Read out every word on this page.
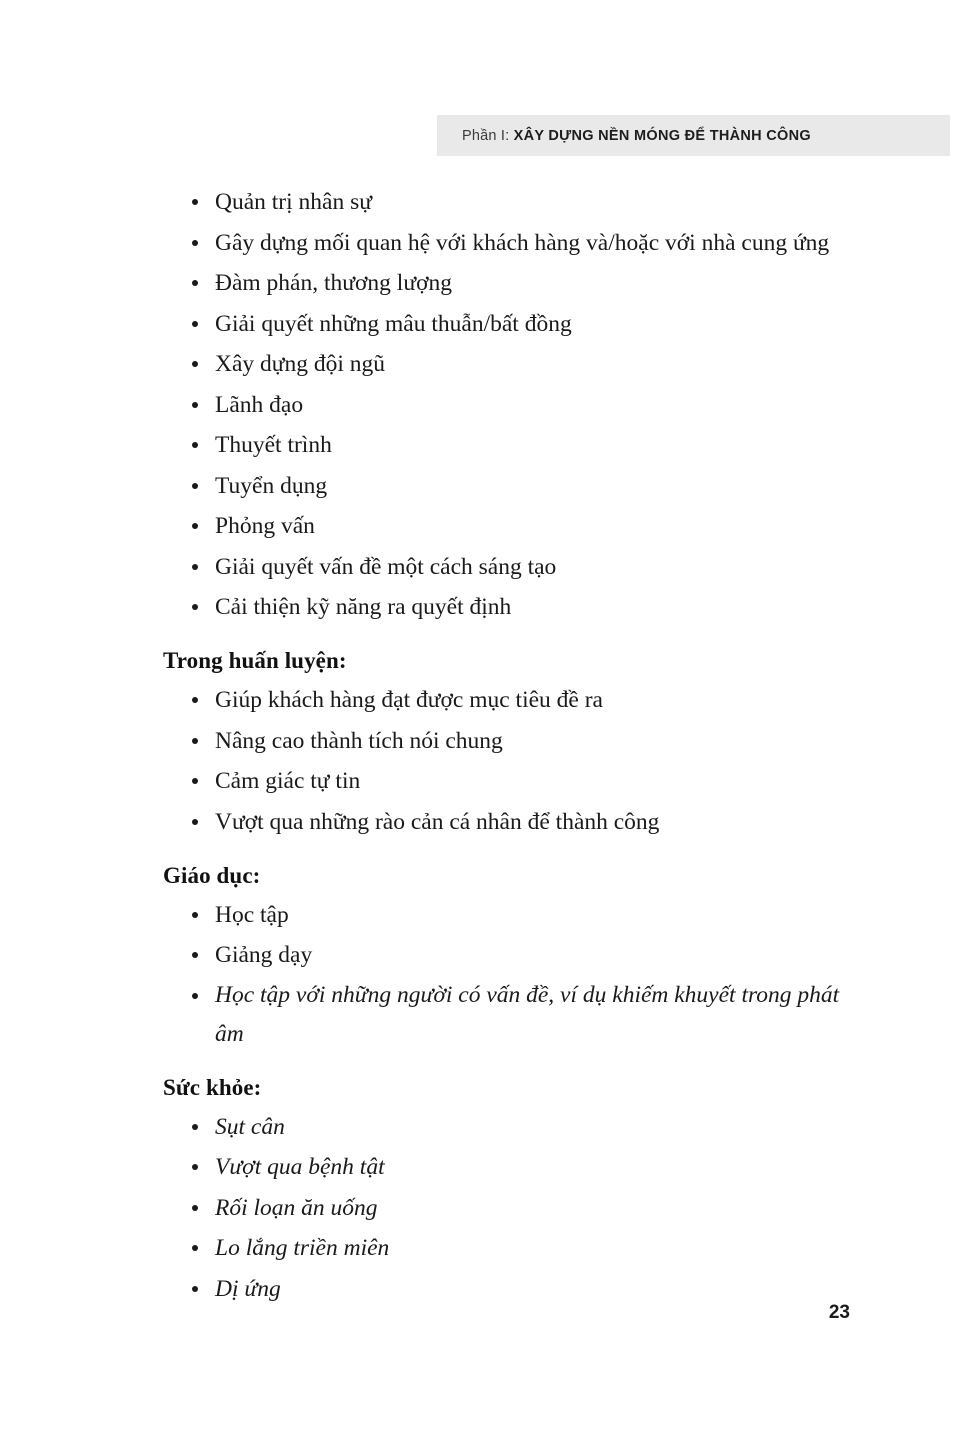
Phần I: XÂY DỰNG NỀN MÓNG ĐỂ THÀNH CÔNG
Quản trị nhân sự
Gây dựng mối quan hệ với khách hàng và/hoặc với nhà cung ứng
Đàm phán, thương lượng
Giải quyết những mâu thuẫn/bất đồng
Xây dựng đội ngũ
Lãnh đạo
Thuyết trình
Tuyển dụng
Phỏng vấn
Giải quyết vấn đề một cách sáng tạo
Cải thiện kỹ năng ra quyết định
Trong huấn luyện:
Giúp khách hàng đạt được mục tiêu đề ra
Nâng cao thành tích nói chung
Cảm giác tự tin
Vượt qua những rào cản cá nhân để thành công
Giáo dục:
Học tập
Giảng dạy
Học tập với những người có vấn đề, ví dụ khiếm khuyết trong phát âm
Sức khỏe:
Sụt cân
Vượt qua bệnh tật
Rối loạn ăn uống
Lo lắng triền miên
Dị ứng
23
